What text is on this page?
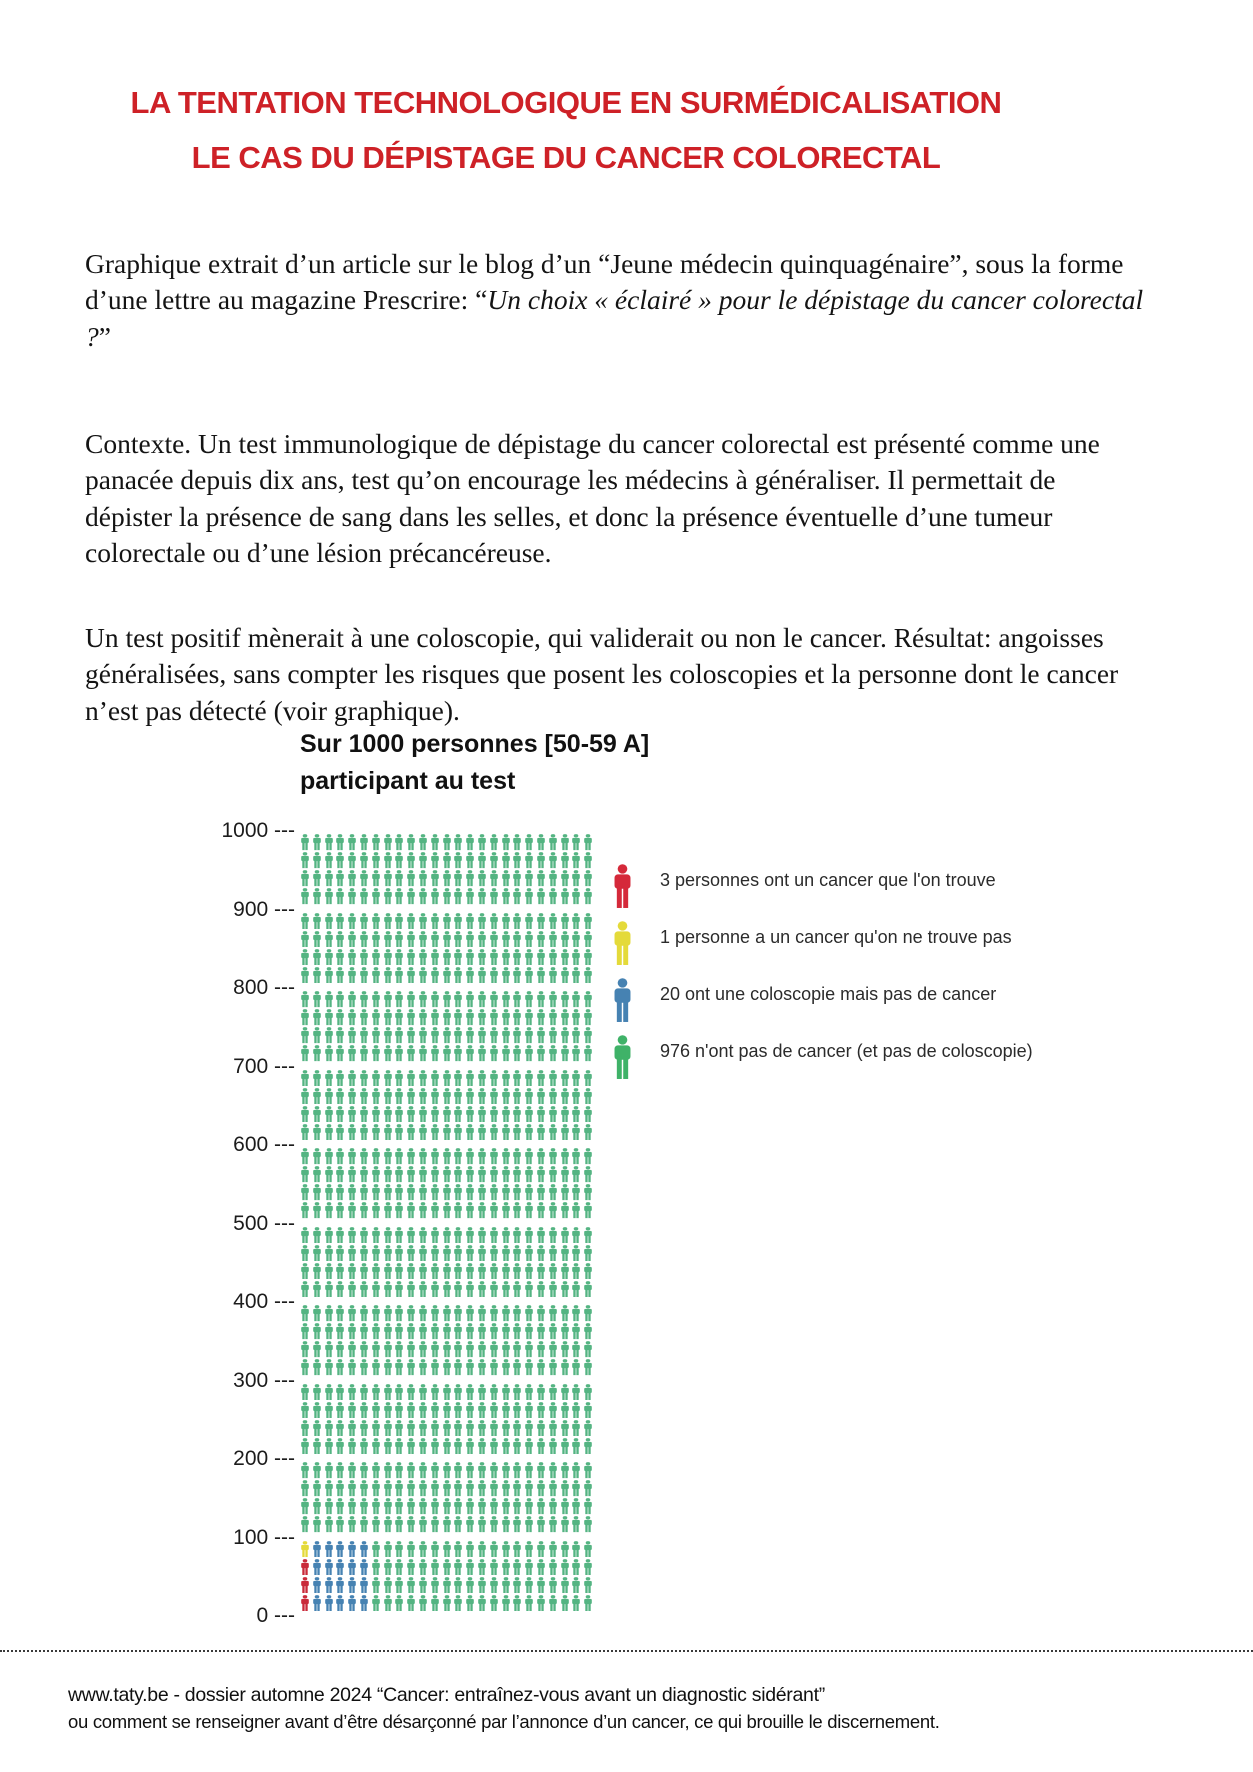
LA TENTATION TECHNOLOGIQUE EN SURMÉDICALISATION
LE CAS DU DÉPISTAGE DU CANCER COLORECTAL

Graphique extrait d’un article sur le blog d’un “Jeune médecin quinquagénaire”, sous la forme d’une lettre au magazine Prescrire: “Un choix « éclairé » pour le dépistage du cancer colorectal ?”

Contexte. Un test immunologique de dépistage du cancer colorectal est présenté comme une panacée depuis dix ans, test qu’on encourage les médecins à généraliser. Il permettait de dépister la présence de sang dans les selles, et donc la présence éventuelle d’une tumeur colorectale ou d’une lésion précancéreuse.

Un test positif mènerait à une coloscopie, qui validerait ou non le cancer. Résultat: angoisses généralisées, sans compter les risques que posent les coloscopies et la personne dont le cancer n’est pas détecté (voir graphique).

Sur 1000 personnes [50-59 A]
participant au test
1000 ---
900 ---
800 ---
700 ---
600 ---
500 ---
400 ---
300 ---
200 ---
100 ---
0 ---
3 personnes ont un cancer que l'on trouve
1 personne a un cancer qu'on ne trouve pas
20 ont une coloscopie mais pas de cancer
976 n'ont pas de cancer (et pas de coloscopie)
www.taty.be - dossier automne 2024 “Cancer: entraînez-vous avant un diagnostic sidérant”
ou comment se renseigner avant d’être désarçonné par l’annonce d’un cancer, ce qui brouille le discernement.
